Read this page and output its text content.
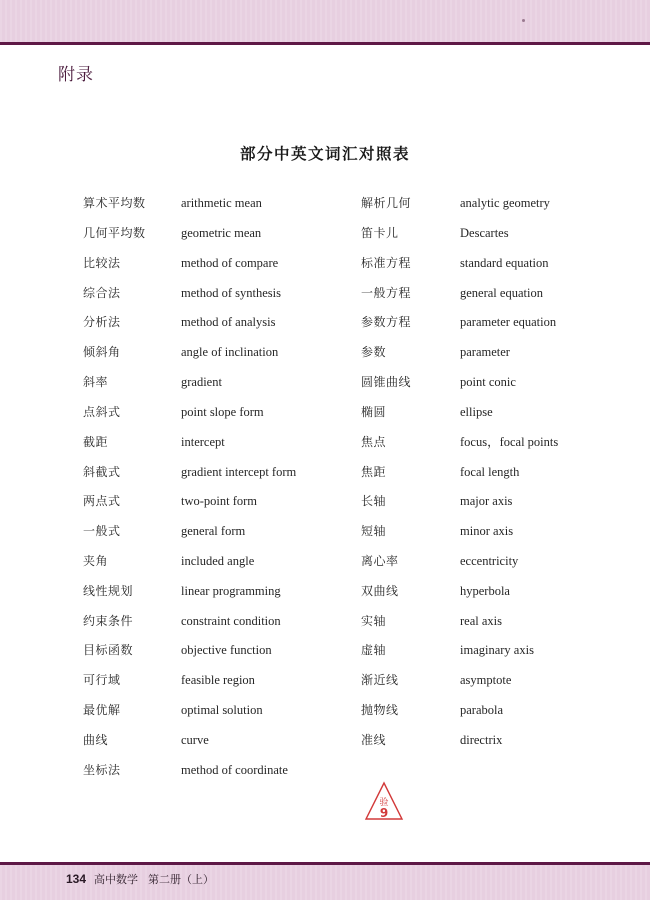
附录
部分中英文词汇对照表
算术平均数	arithmetic mean	解析几何	analytic geometry
几何平均数	geometric mean	笛卡儿	Descartes
比较法	method of compare	标准方程	standard equation
综合法	method of synthesis	一般方程	general equation
分析法	method of analysis	参数方程	parameter equation
倾斜角	angle of inclination	参数	parameter
斜率	gradient	圆锥曲线	point conic
点斜式	point slope form	椭圆	ellipse
截距	intercept	焦点	focus，focal points
斜截式	gradient intercept form	焦距	focal length
两点式	two-point form	长轴	major axis
一般式	general form	短轴	minor axis
夹角	included angle	离心率	eccentricity
线性规划	linear programming	双曲线	hyperbola
约束条件	constraint condition	实轴	real axis
目标函数	objective function	虚轴	imaginary axis
可行域	feasible region	渐近线	asymptote
最优解	optimal solution	抛物线	parabola
曲线	curve	准线	directrix
坐标法	method of coordinate
验
9
134 高中数学 第二册（上）
